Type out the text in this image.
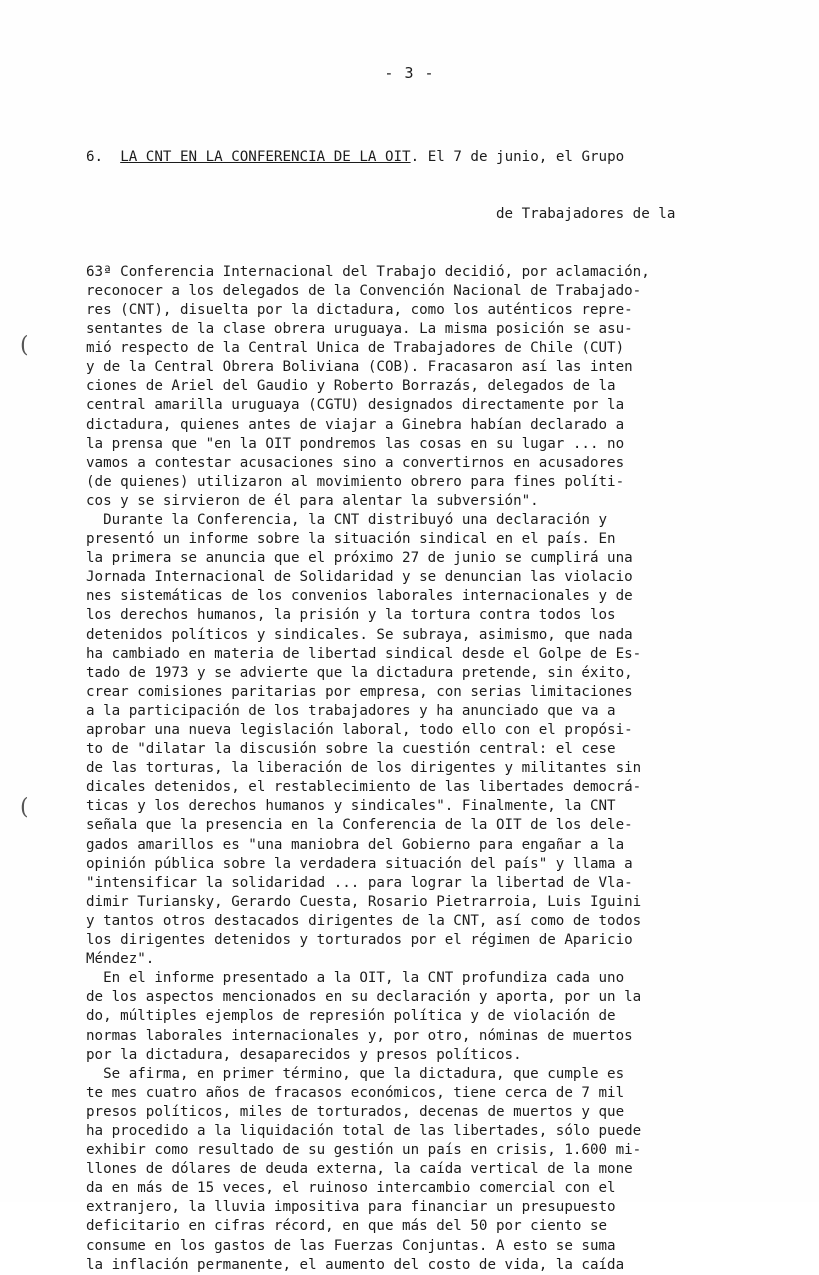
- 3 -
(
(

6. LA CNT EN LA CONFERENCIA DE LA OIT. El 7 de junio, el Grupo

de Trabajadores de la

63ª Conferencia Internacional del Trabajo decidió, por aclamación,
reconocer a los delegados de la Convención Nacional de Trabajado-
res (CNT), disuelta por la dictadura, como los auténticos repre-
sentantes de la clase obrera uruguaya. La misma posición se asu-
mió respecto de la Central Unica de Trabajadores de Chile (CUT)
y de la Central Obrera Boliviana (COB). Fracasaron así las inten
ciones de Ariel del Gaudio y Roberto Borrazás, delegados de la
central amarilla uruguaya (CGTU) designados directamente por la
dictadura, quienes antes de viajar a Ginebra habían declarado a
la prensa que "en la OIT pondremos las cosas en su lugar ... no
vamos a contestar acusaciones sino a convertirnos en acusadores
(de quienes) utilizaron al movimiento obrero para fines políti-
cos y se sirvieron de él para alentar la subversión".
Durante la Conferencia, la CNT distribuyó una declaración y
presentó un informe sobre la situación sindical en el país. En
la primera se anuncia que el próximo 27 de junio se cumplirá una
Jornada Internacional de Solidaridad y se denuncian las violacio
nes sistemáticas de los convenios laborales internacionales y de
los derechos humanos, la prisión y la tortura contra todos los
detenidos políticos y sindicales. Se subraya, asimismo, que nada
ha cambiado en materia de libertad sindical desde el Golpe de Es-
tado de 1973 y se advierte que la dictadura pretende, sin éxito,
crear comisiones paritarias por empresa, con serias limitaciones
a la participación de los trabajadores y ha anunciado que va a
aprobar una nueva legislación laboral, todo ello con el propósi-
to de "dilatar la discusión sobre la cuestión central: el cese
de las torturas, la liberación de los dirigentes y militantes sin
dicales detenidos, el restablecimiento de las libertades democrá-
ticas y los derechos humanos y sindicales". Finalmente, la CNT
señala que la presencia en la Conferencia de la OIT de los dele-
gados amarillos es "una maniobra del Gobierno para engañar a la
opinión pública sobre la verdadera situación del país" y llama a
"intensificar la solidaridad ... para lograr la libertad de Vla-
dimir Turiansky, Gerardo Cuesta, Rosario Pietrarroia, Luis Iguini
y tantos otros destacados dirigentes de la CNT, así como de todos
los dirigentes detenidos y torturados por el régimen de Aparicio
Méndez".
En el informe presentado a la OIT, la CNT profundiza cada uno
de los aspectos mencionados en su declaración y aporta, por un la
do, múltiples ejemplos de represión política y de violación de
normas laborales internacionales y, por otro, nóminas de muertos
por la dictadura, desaparecidos y presos políticos.
Se afirma, en primer término, que la dictadura, que cumple es
te mes cuatro años de fracasos económicos, tiene cerca de 7 mil
presos políticos, miles de torturados, decenas de muertos y que
ha procedido a la liquidación total de las libertades, sólo puede
exhibir como resultado de su gestión un país en crisis, 1.600 mi-
llones de dólares de deuda externa, la caída vertical de la mone
da en más de 15 veces, el ruinoso intercambio comercial con el
extranjero, la lluvia impositiva para financiar un presupuesto
deficitario en cifras récord, en que más del 50 por ciento se
consume en los gastos de las Fuerzas Conjuntas. A esto se suma
la inflación permanente, el aumento del costo de vida, la caída
